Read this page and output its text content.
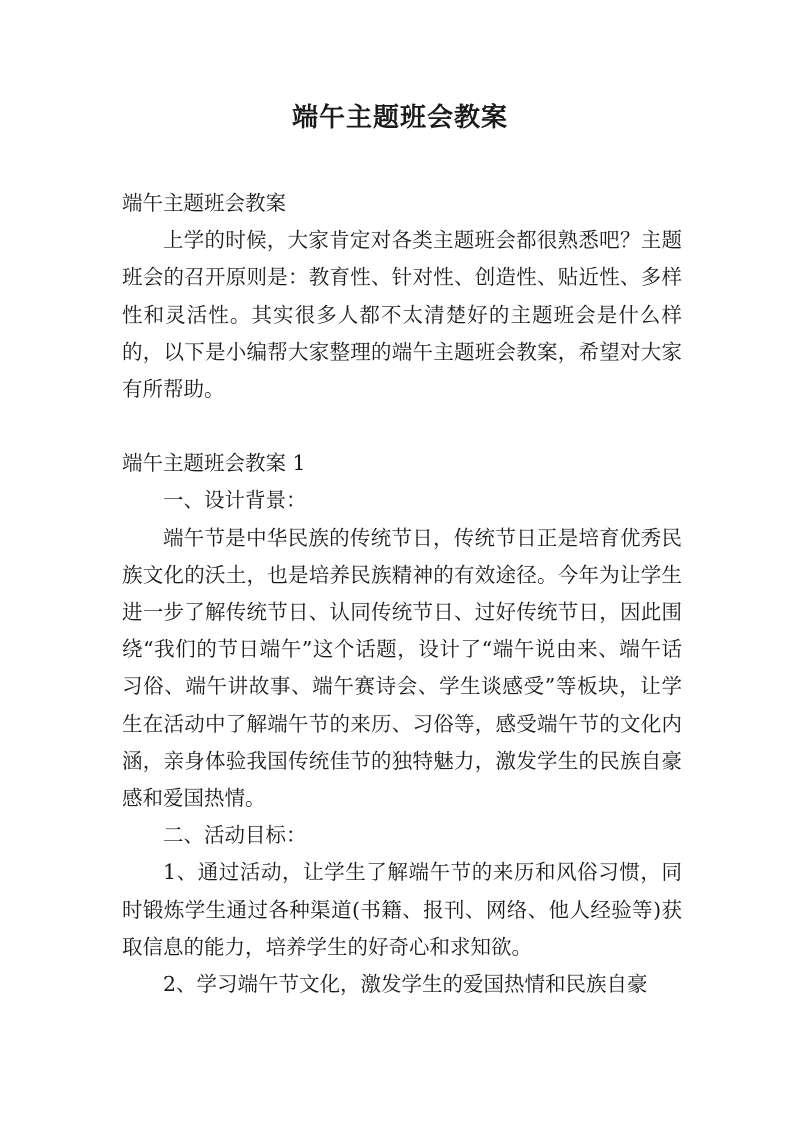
端午主题班会教案

端午主题班会教案

上学的时候，大家肯定对各类主题班会都很熟悉吧？主题班会的召开原则是：教育性、针对性、创造性、贴近性、多样性和灵活性。其实很多人都不太清楚好的主题班会是什么样的，以下是小编帮大家整理的端午主题班会教案，希望对大家有所帮助。

端午主题班会教案 1

一、设计背景：

端午节是中华民族的传统节日，传统节日正是培育优秀民族文化的沃土，也是培养民族精神的有效途径。今年为让学生进一步了解传统节日、认同传统节日、过好传统节日，因此围绕“我们的节日端午”这个话题，设计了“端午说由来、端午话习俗、端午讲故事、端午赛诗会、学生谈感受”等板块，让学生在活动中了解端午节的来历、习俗等，感受端午节的文化内涵，亲身体验我国传统佳节的独特魅力，激发学生的民族自豪感和爱国热情。

二、活动目标：

1、通过活动，让学生了解端午节的来历和风俗习惯，同时锻炼学生通过各种渠道(书籍、报刊、网络、他人经验等)获取信息的能力，培养学生的好奇心和求知欲。

2、学习端午节文化，激发学生的爱国热情和民族自豪
